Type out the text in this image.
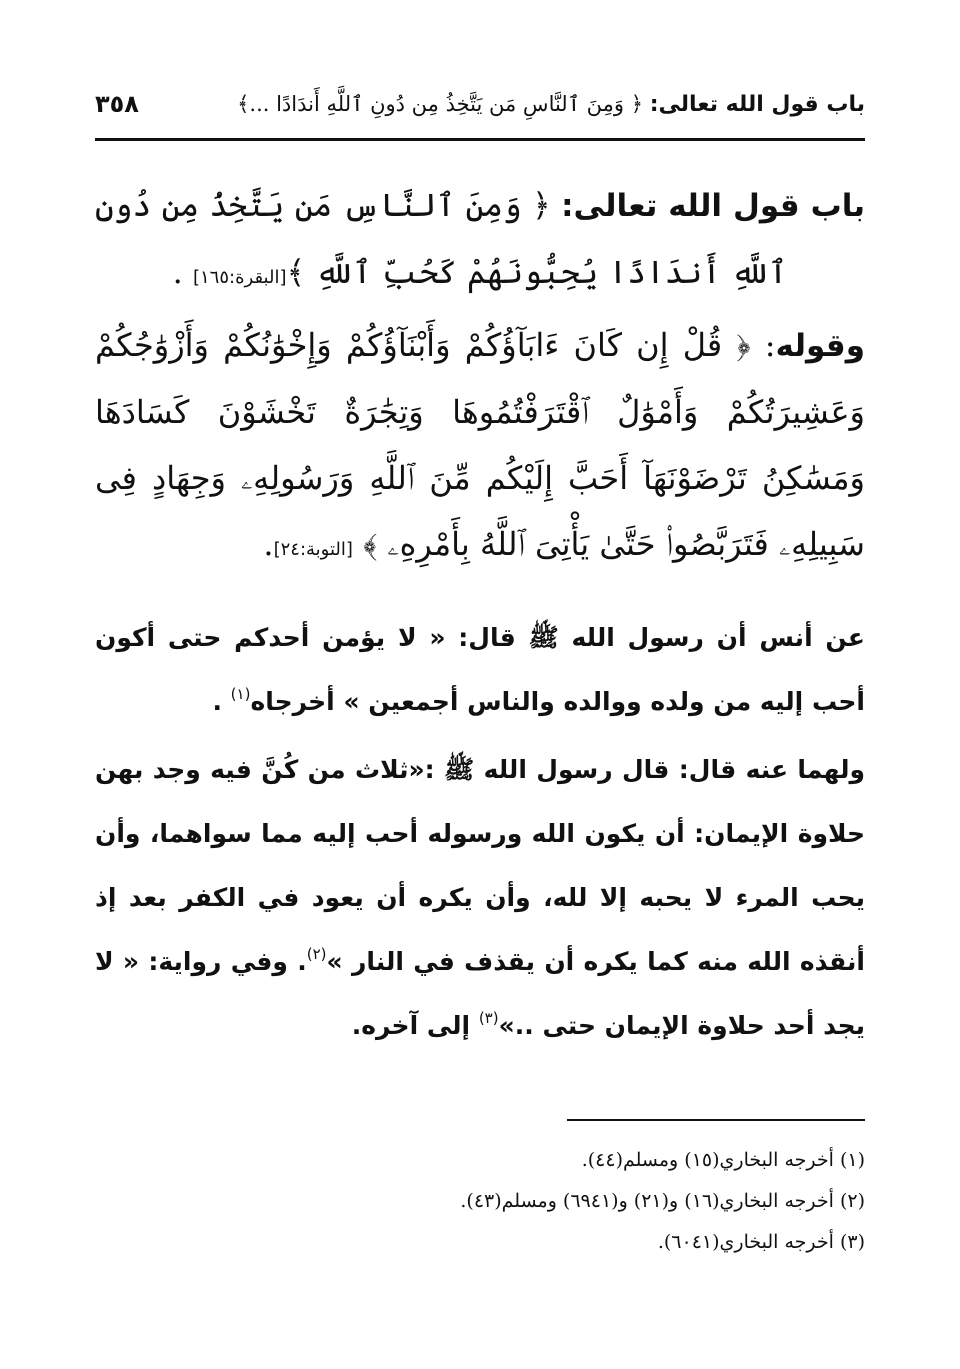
باب قول الله تعالى: ﴿ وَمِنَ ٱلنَّاسِ مَن يَتَّخِذُ مِن دُونِ ٱللَّهِ أَندَادًا ...﴾
٣٥٨
باب قول الله تعالى: ﴿ وَمِنَ ٱلنَّاسِ مَن يَتَّخِذُ مِن دُونِ ٱللَّهِ أَندَادًا يُحِبُّونَهُمْ كَحُبِّ ٱللَّهِ ﴾[البقرة:١٦٥] .
وقوله: ﴿ قُلْ إِن كَانَ ءَابَآؤُكُمْ وَأَبْنَآؤُكُمْ وَإِخْوَٰنُكُمْ وَأَزْوَٰجُكُمْ وَعَشِيرَتُكُمْ وَأَمْوَٰلٌ ٱقْتَرَفْتُمُوهَا وَتِجَٰرَةٌ تَخْشَوْنَ كَسَادَهَا وَمَسَٰكِنُ تَرْضَوْنَهَآ أَحَبَّ إِلَيْكُم مِّنَ ٱللَّهِ وَرَسُولِهِۦ وَجِهَادٍ فِى سَبِيلِهِۦ فَتَرَبَّصُوا۟ حَتَّىٰ يَأْتِىَ ٱللَّهُ بِأَمْرِهِۦ ﴾ [التوبة:٢٤].
عن أنس أن رسول الله ﷺ قال: « لا يؤمن أحدكم حتى أكون أحب إليه من ولده ووالده والناس أجمعين » أخرجاه$^{(١)}$ .
ولهما عنه قال: قال رسول الله ﷺ :«ثلاث من كُنَّ فيه وجد بهن حلاوة الإيمان: أن يكون الله ورسوله أحب إليه مما سواهما، وأن يحب المرء لا يحبه إلا لله، وأن يكره أن يعود في الكفر بعد إذ أنقذه الله منه كما يكره أن يقذف في النار »$^{(٢)}$. وفي رواية: « لا يجد أحد حلاوة الإيمان حتى ..»$^{(٣)}$ إلى آخره.
(١) أخرجه البخاري(١٥) ومسلم(٤٤).
(٢) أخرجه البخاري(١٦) و(٢١) و(٦٩٤١) ومسلم(٤٣).
(٣) أخرجه البخاري(٦٠٤١).
